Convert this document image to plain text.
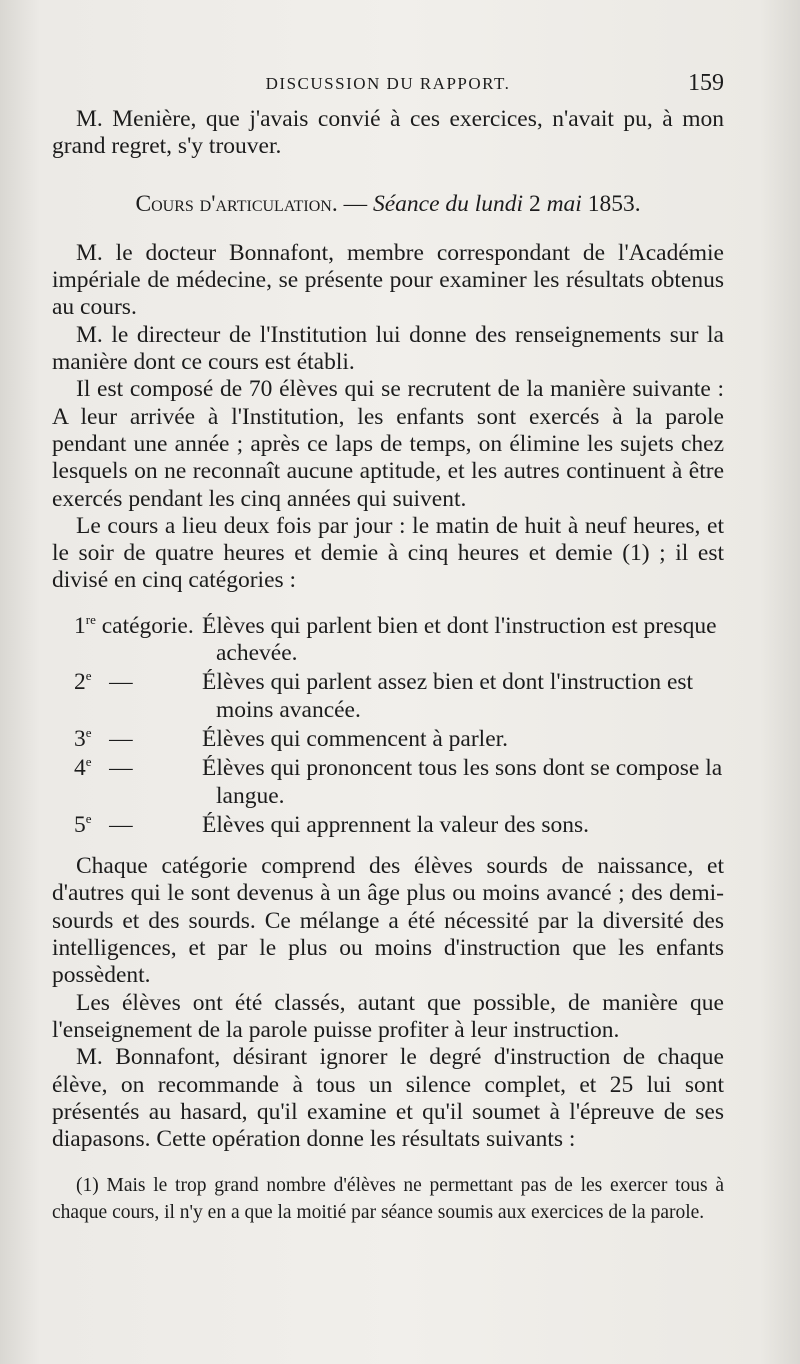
DISCUSSION DU RAPPORT.	159

M. Menière, que j'avais convié à ces exercices, n'avait pu, à mon grand regret, s'y trouver.

Cours d'articulation. — Séance du lundi 2 mai 1853.

M. le docteur Bonnafont, membre correspondant de l'Académie impériale de médecine, se présente pour examiner les résultats obtenus au cours.

M. le directeur de l'Institution lui donne des renseignements sur la manière dont ce cours est établi.

Il est composé de 70 élèves qui se recrutent de la manière suivante : A leur arrivée à l'Institution, les enfants sont exercés à la parole pendant une année ; après ce laps de temps, on élimine les sujets chez lesquels on ne reconnaît aucune aptitude, et les autres continuent à être exercés pendant les cinq années qui suivent.

Le cours a lieu deux fois par jour : le matin de huit à neuf heures, et le soir de quatre heures et demie à cinq heures et demie (1) ; il est divisé en cinq catégories :

1re catégorie. Élèves qui parlent bien et dont l'instruction est presque achevée.
2e   —	Élèves qui parlent assez bien et dont l'instruction est moins avancée.
3e   —	Élèves qui commencent à parler.
4e   —	Élèves qui prononcent tous les sons dont se compose la langue.
5e   —	Élèves qui apprennent la valeur des sons.

Chaque catégorie comprend des élèves sourds de naissance, et d'autres qui le sont devenus à un âge plus ou moins avancé ; des demi-sourds et des sourds. Ce mélange a été nécessité par la diversité des intelligences, et par le plus ou moins d'instruction que les enfants possèdent.

Les élèves ont été classés, autant que possible, de manière que l'enseignement de la parole puisse profiter à leur instruction.

M. Bonnafont, désirant ignorer le degré d'instruction de chaque élève, on recommande à tous un silence complet, et 25 lui sont présentés au hasard, qu'il examine et qu'il soumet à l'épreuve de ses diapasons. Cette opération donne les résultats suivants :

(1) Mais le trop grand nombre d'élèves ne permettant pas de les exercer tous à chaque cours, il n'y en a que la moitié par séance soumis aux exercices de la parole.
